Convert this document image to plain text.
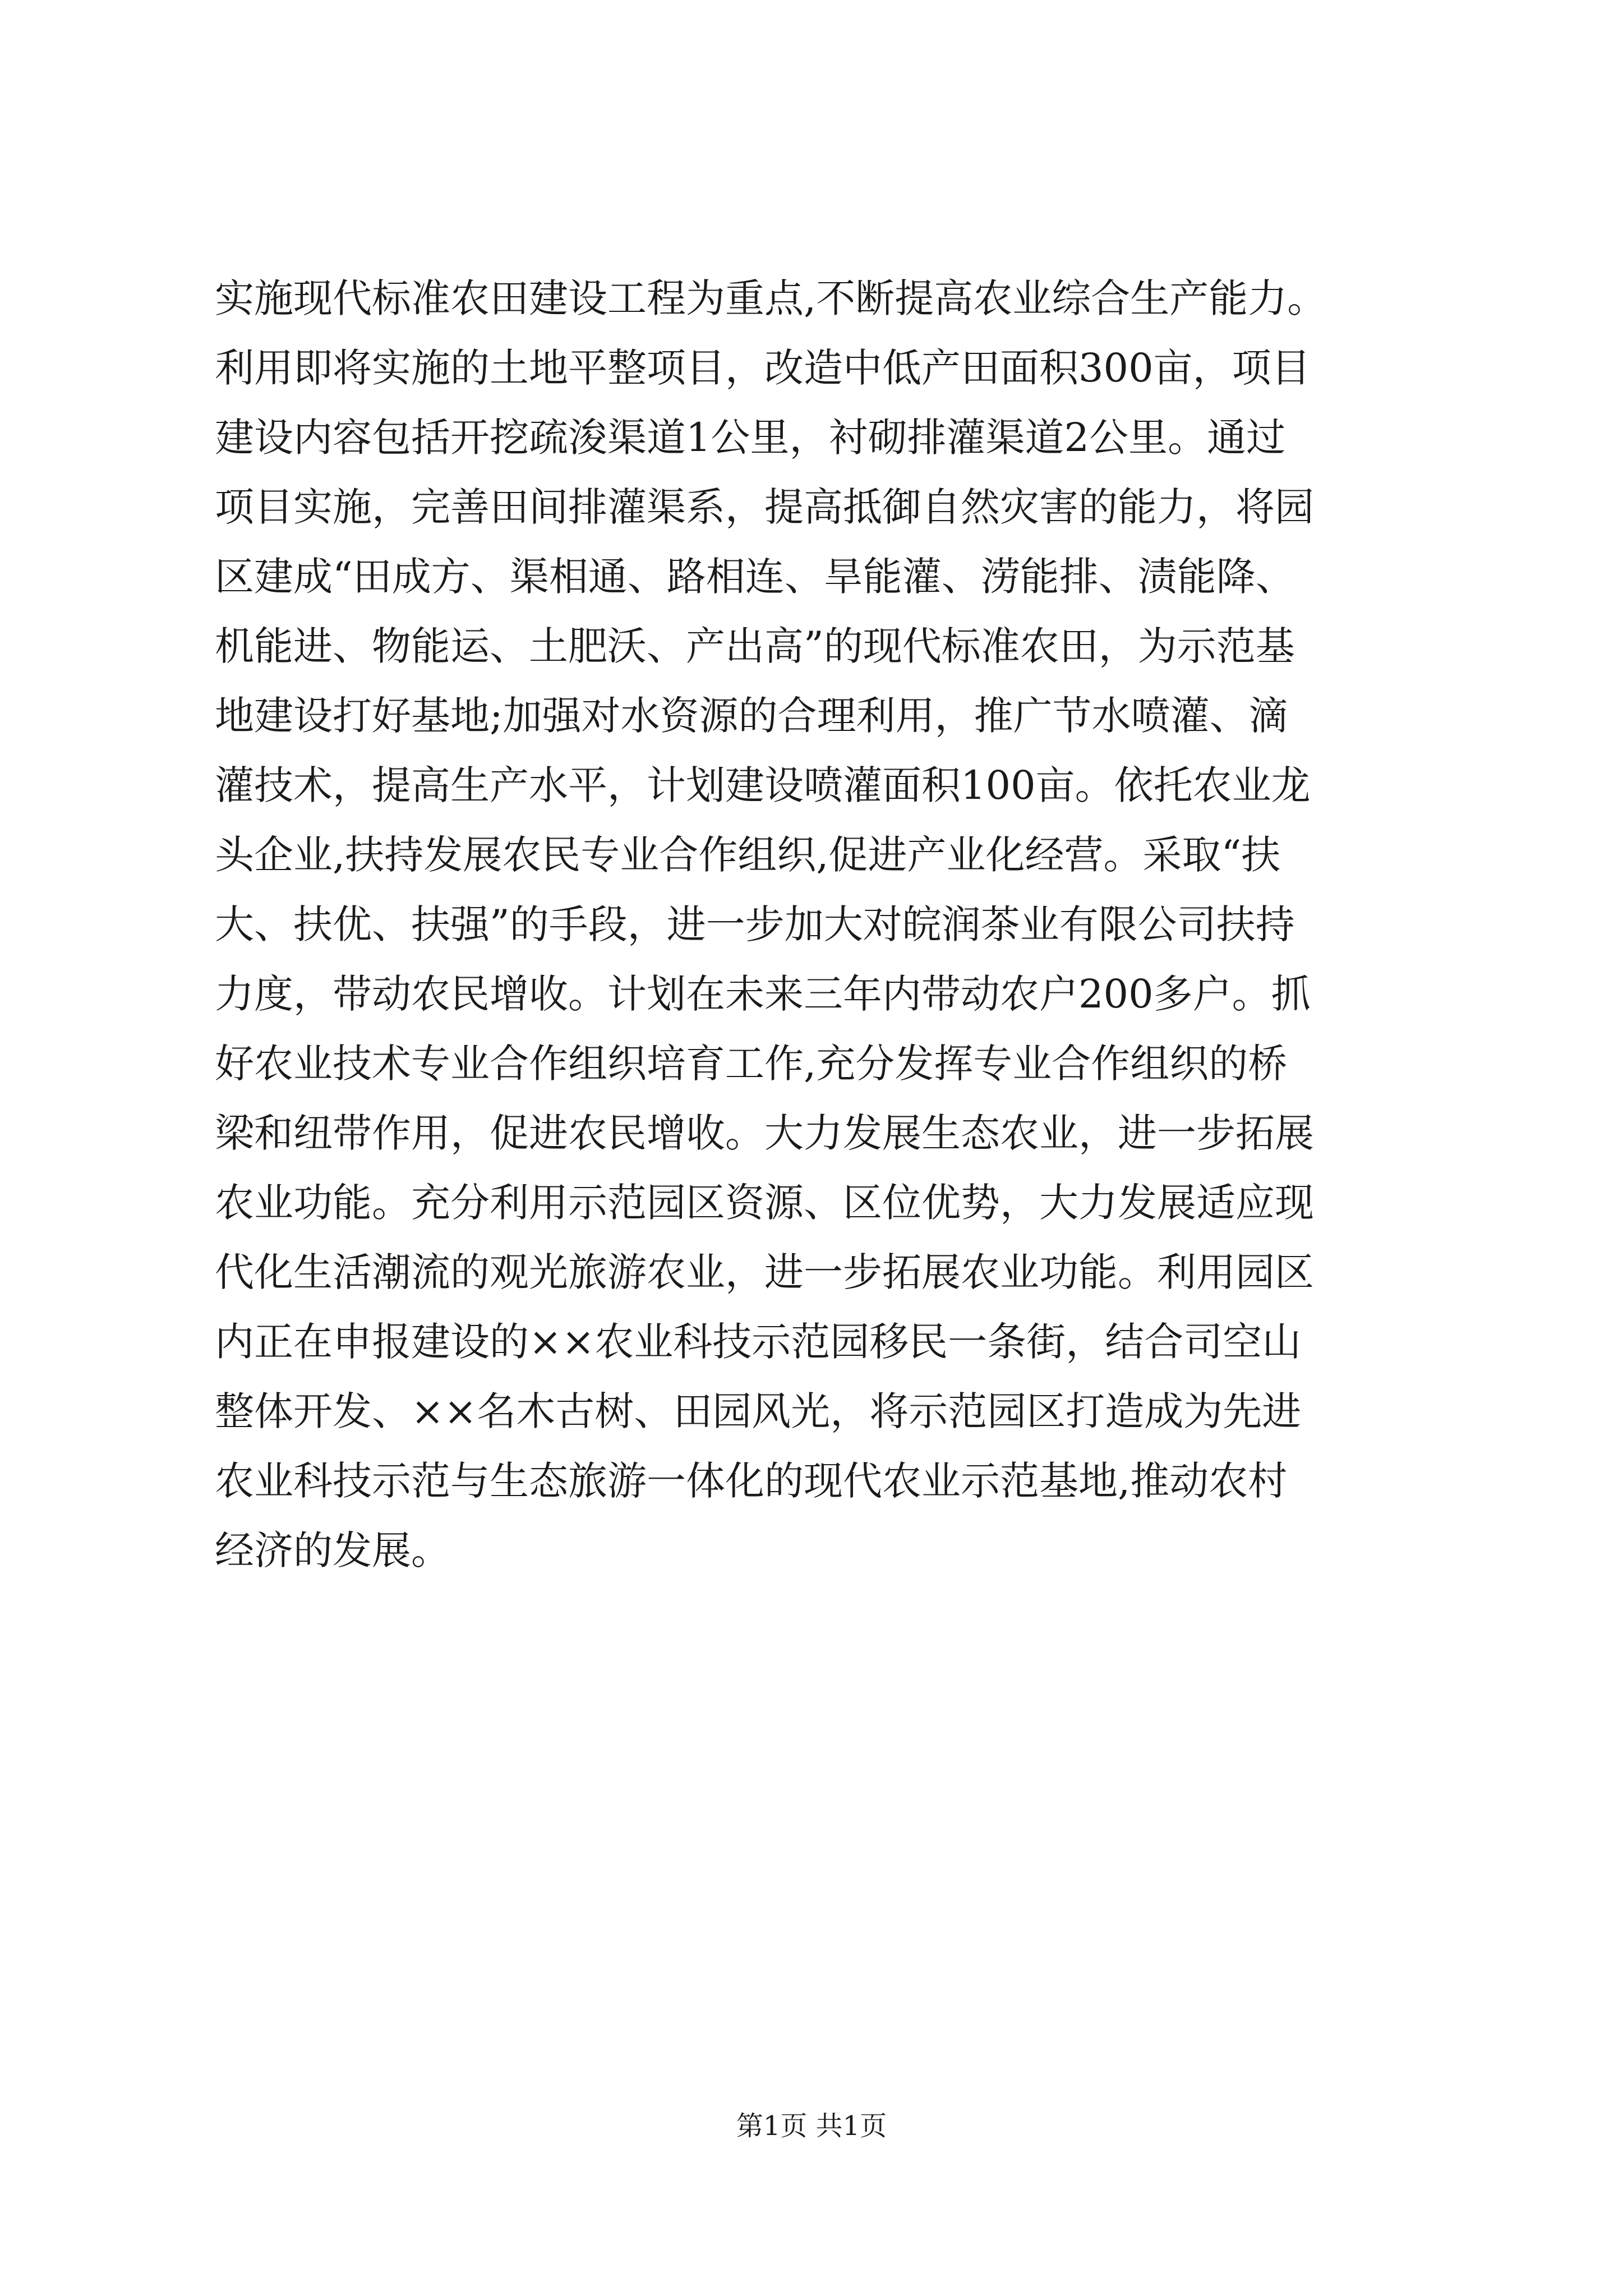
实施现代标准农田建设工程为重点,不断提高农业综合生产能力。
利用即将实施的土地平整项目，改造中低产田面积300亩，项目
建设内容包括开挖疏浚渠道1公里，衬砌排灌渠道2公里。通过
项目实施，完善田间排灌渠系，提高抵御自然灾害的能力，将园
区建成“田成方、渠相通、路相连、旱能灌、涝能排、渍能降、
机能进、物能运、土肥沃、产出高”的现代标准农田，为示范基
地建设打好基地;加强对水资源的合理利用，推广节水喷灌、滴
灌技术，提高生产水平，计划建设喷灌面积100亩。依托农业龙
头企业,扶持发展农民专业合作组织,促进产业化经营。采取“扶
大、扶优、扶强”的手段，进一步加大对皖润茶业有限公司扶持
力度，带动农民增收。计划在未来三年内带动农户200多户。抓
好农业技术专业合作组织培育工作,充分发挥专业合作组织的桥
梁和纽带作用，促进农民增收。大力发展生态农业，进一步拓展
农业功能。充分利用示范园区资源、区位优势，大力发展适应现
代化生活潮流的观光旅游农业，进一步拓展农业功能。利用园区
内正在申报建设的××农业科技示范园移民一条街，结合司空山
整体开发、××名木古树、田园风光，将示范园区打造成为先进
农业科技示范与生态旅游一体化的现代农业示范基地,推动农村
经济的发展。
第1页 共1页
